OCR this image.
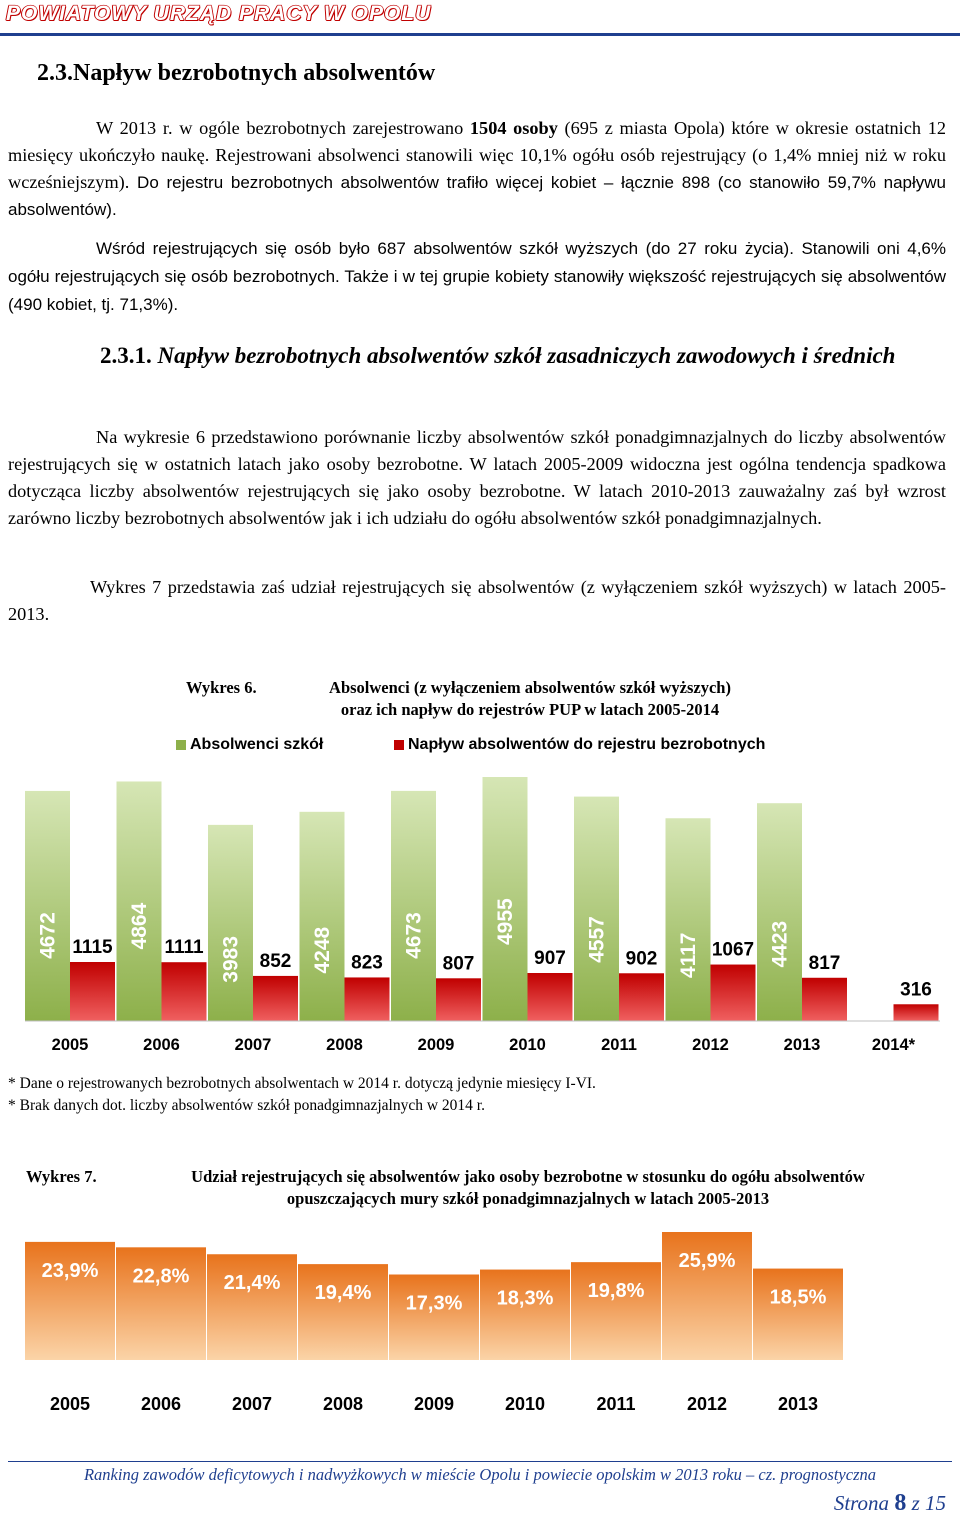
POWIATOWY URZĄD PRACY W OPOLU
2.3.Napływ bezrobotnych absolwentów

W 2013 r. w ogóle bezrobotnych zarejestrowano 1504 osoby (695 z miasta Opola) które w okresie ostatnich 12 miesięcy ukończyło naukę. Rejestrowani absolwenci stanowili więc 10,1% ogółu osób rejestrujący (o 1,4% mniej niż w roku wcześniejszym). Do rejestru bezrobotnych absolwentów trafiło więcej kobiet – łącznie 898 (co stanowiło 59,7% napływu absolwentów).

Wśród rejestrujących się osób było 687 absolwentów szkół wyższych (do 27 roku życia). Stanowili oni 4,6% ogółu rejestrujących się osób bezrobotnych. Także i w tej grupie kobiety stanowiły większość rejestrujących się absolwentów (490 kobiet, tj. 71,3%).

2.3.1. Napływ bezrobotnych absolwentów szkół zasadniczych zawodowych i średnich

Na wykresie 6 przedstawiono porównanie liczby absolwentów szkół ponadgimnazjalnych do liczby absolwentów rejestrujących się w ostatnich latach jako osoby bezrobotne. W latach 2005-2009 widoczna jest ogólna tendencja spadkowa dotycząca liczby absolwentów rejestrujących się jako osoby bezrobotne. W latach 2010-2013 zauważalny zaś był wzrost zarówno liczby bezrobotnych absolwentów jak i ich udziału do ogółu absolwentów szkół ponadgimnazjalnych.

Wykres 7 przedstawia zaś udział rejestrujących się absolwentów (z wyłączeniem szkół wyższych) w latach 2005-2013.

Wykres 6.	Absolwenci (z wyłączeniem absolwentów szkół wyższych)
oraz ich napływ do rejestrów PUP w latach 2005-2014
Absolwenci szkół	Napływ absolwentów do rejestru bezrobotnych
4672 1115
2005
4864 1111
2006
3983 852
2007
4248 823
2008
4673
807
2009
4955
907
2010
4557 902
2011
4117 1067
2012
4423 817
2013
316
2014*

* Dane o rejestrowanych bezrobotnych absolwentach w 2014 r. dotyczą jedynie miesięcy I-VI.

* Brak danych dot. liczby absolwentów szkół ponadgimnazjalnych w 2014 r.

Wykres 7.	Udział rejestrujących się absolwentów jako osoby bezrobotne w stosunku do ogółu absolwentów
opuszczających mury szkół ponadgimnazjalnych w latach 2005-2013
23,9%
2005
22,8%
2006
21,4%
2007
19,4%
2008
17,3%
2009
18,3%
2010
19,8%
2011
25,9%
2012
18,5%
2013
Ranking zawodów deficytowych i nadwyżkowych w mieście Opolu i powiecie opolskim w 2013 roku – cz. prognostyczna
Strona 8 z 15
